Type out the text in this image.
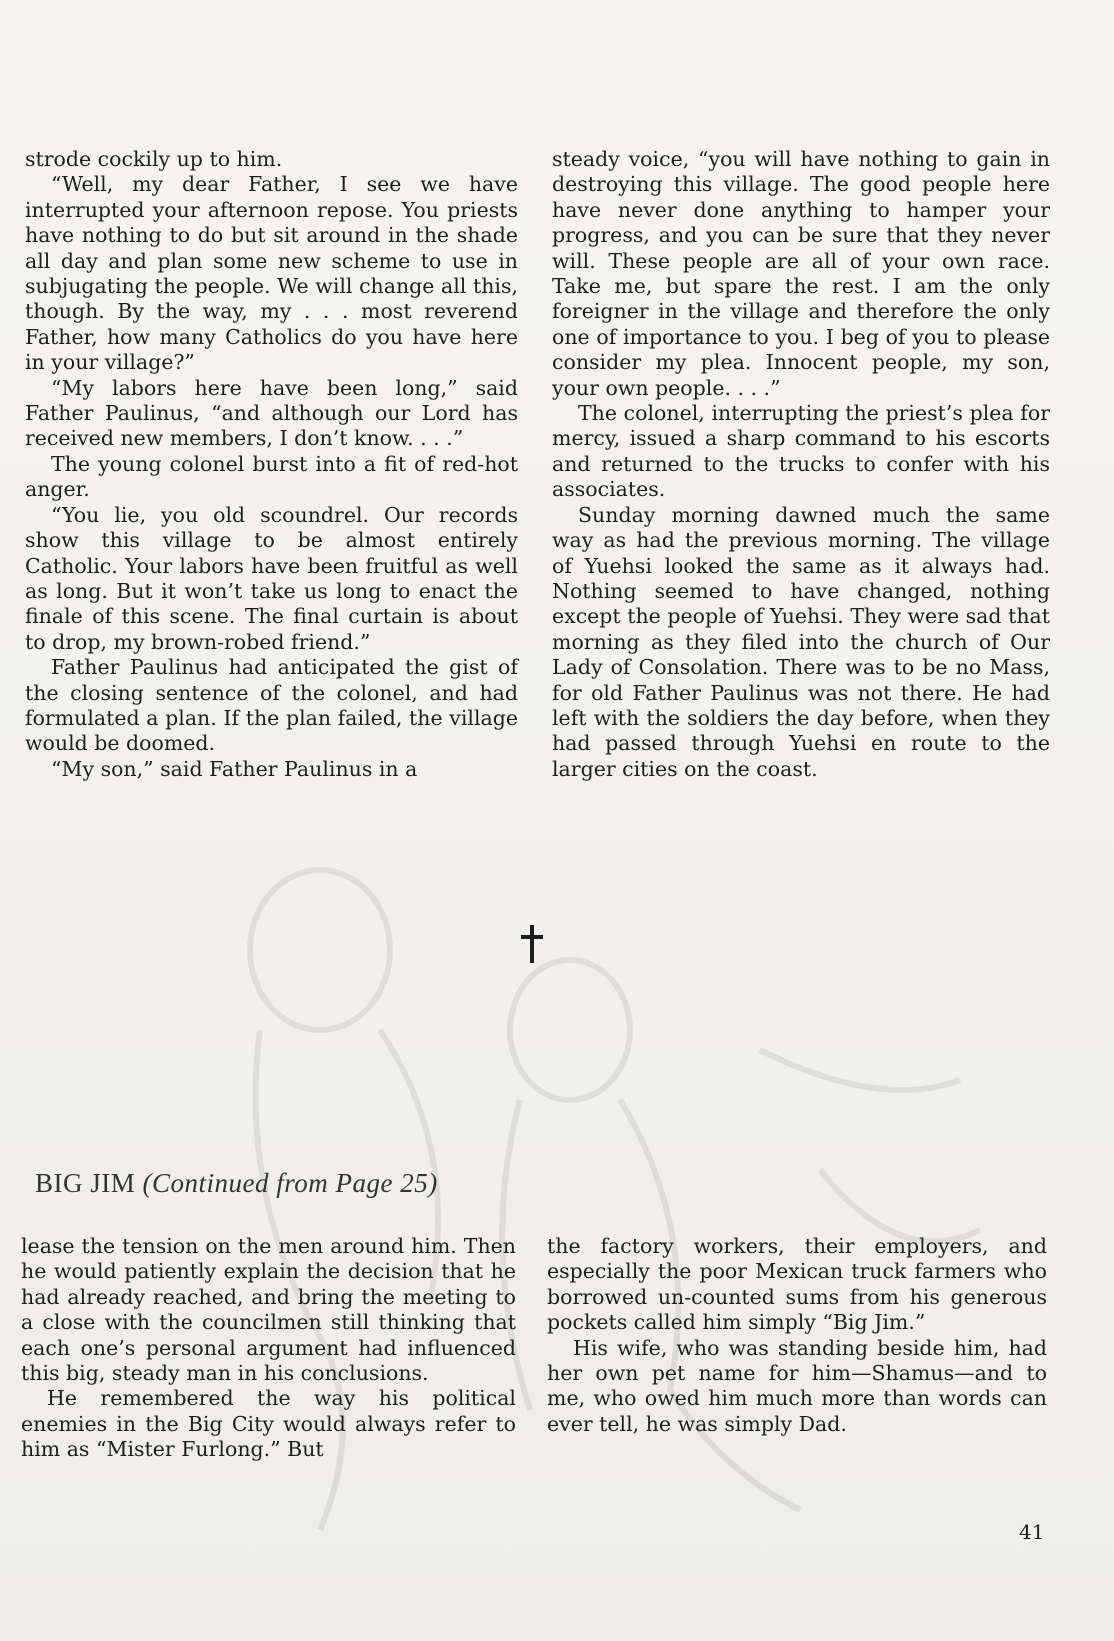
strode cockily up to him.

“Well, my dear Father, I see we have interrupted your afternoon repose. You priests have nothing to do but sit around in the shade all day and plan some new scheme to use in subjugating the people. We will change all this, though. By the way, my . . . most reverend Father, how many Catholics do you have here in your village?”

“My labors here have been long,” said Father Paulinus, “and although our Lord has received new members, I don’t know. . . .”

The young colonel burst into a fit of red-hot anger.

“You lie, you old scoundrel. Our records show this village to be almost entirely Catholic. Your labors have been fruitful as well as long. But it won’t take us long to enact the finale of this scene. The final curtain is about to drop, my brown-robed friend.”

Father Paulinus had anticipated the gist of the closing sentence of the colonel, and had formulated a plan. If the plan failed, the village would be doomed.

“My son,” said Father Paulinus in a

steady voice, “you will have nothing to gain in destroying this village. The good people here have never done anything to hamper your progress, and you can be sure that they never will. These people are all of your own race. Take me, but spare the rest. I am the only foreigner in the village and therefore the only one of importance to you. I beg of you to please consider my plea. Innocent people, my son, your own people. . . .”

The colonel, interrupting the priest’s plea for mercy, issued a sharp command to his escorts and returned to the trucks to confer with his associates.

Sunday morning dawned much the same way as had the previous morning. The village of Yuehsi looked the same as it always had. Nothing seemed to have changed, nothing except the people of Yuehsi. They were sad that morning as they filed into the church of Our Lady of Consolation. There was to be no Mass, for old Father Paulinus was not there. He had left with the soldiers the day before, when they had passed through Yuehsi en route to the larger cities on the coast.

BIG JIM (Continued from Page 25)

lease the tension on the men around him. Then he would patiently explain the decision that he had already reached, and bring the meeting to a close with the councilmen still thinking that each one’s personal argument had influenced this big, steady man in his conclusions.

He remembered the way his political enemies in the Big City would always refer to him as “Mister Furlong.” But

the factory workers, their employers, and especially the poor Mexican truck farmers who borrowed un-counted sums from his generous pockets called him simply “Big Jim.”

His wife, who was standing beside him, had her own pet name for him—Shamus—and to me, who owed him much more than words can ever tell, he was simply Dad.

41
